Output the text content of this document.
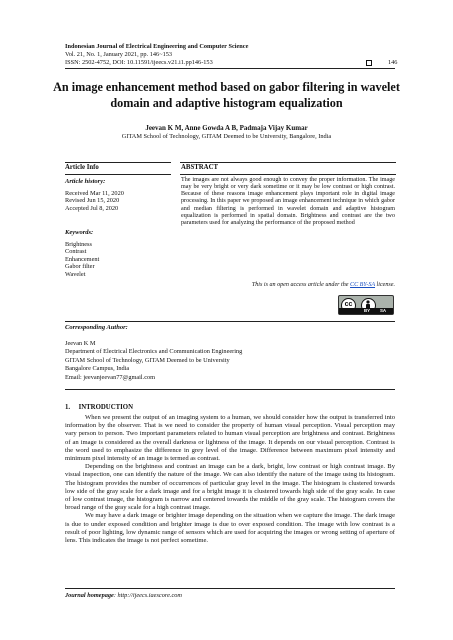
Indonesian Journal of Electrical Engineering and Computer Science
Vol. 21, No. 1, January 2021, pp. 146~153
ISSN: 2502-4752, DOI: 10.11591/ijeecs.v21.i1.pp146-153	146
An image enhancement method based on gabor filtering in wavelet domain and adaptive histogram equalization
Jeevan K M, Anne Gowda A B, Padmaja Vijay Kumar
GITAM School of Technology, GITAM Deemed to be University, Bangalore, India
Article Info
Article history:
Received Mar 11, 2020
Revised Jun 15, 2020
Accepted Jul 8, 2020
Keywords:
Brightness
Contrast
Enhancement
Gabor filter
Wavelet
ABSTRACT
The images are not always good enough to convey the proper information. The image may be very bright or very dark sometime or it may be low contrast or high contrast. Because of these reasons image enhancement plays important role in digital image processing. In this paper we proposed an image enhancement technique in which gabor and median filtering is performed in wavelet domain and adaptive histogram equalization is performed in spatial domain. Brightness and contrast are the two parameters used for analyzing the performance of the proposed method
This is an open access article under the CC BY-SA license.
cc
BY SA
Corresponding Author:
Jeevan K M
Department of Electrical Electronics and Communication Engineering
GITAM School of Technology, GITAM Deemed to be University
Bangalore Campus, India
Email: jeevanjeevan77@gmail.com
1.     INTRODUCTION

When we present the output of an imaging system to a human, we should consider how the output is transferred into information by the observer. That is we need to consider the property of human visual perception. Visual perception may vary person to person. Two important parameters related to human visual perception are brightness and contrast. Brightness of an image is considered as the overall darkness or lightness of the image. It depends on our visual perception. Contrast is the word used to emphasize the difference in grey level of the image. Difference between maximum pixel intensity and minimum pixel intensity of an image is termed as contrast.

Depending on the brightness and contrast an image can be a dark, bright, low contrast or high contrast image. By visual inspection, one can identify the nature of the image. We can also identify the nature of the image using its histogram. The histogram provides the number of occurrences of particular gray level in the image. The histogram is clustered towards low side of the gray scale for a dark image and for a bright image it is clustered towards high side of the gray scale. In case of low contrast image, the histogram is narrow and centered towards the middle of the gray scale. The histogram covers the broad range of the gray scale for a high contrast image.

We may have a dark image or brighter image depending on the situation when we capture the image. The dark image is due to under exposed condition and brighter image is due to over exposed condition. The image with low contrast is a result of poor lighting, low dynamic range of sensors which are used for acquiring the images or wrong setting of aperture of lens. This indicates the image is not perfect sometime.

Journal homepage: http://ijeecs.iaescore.com
